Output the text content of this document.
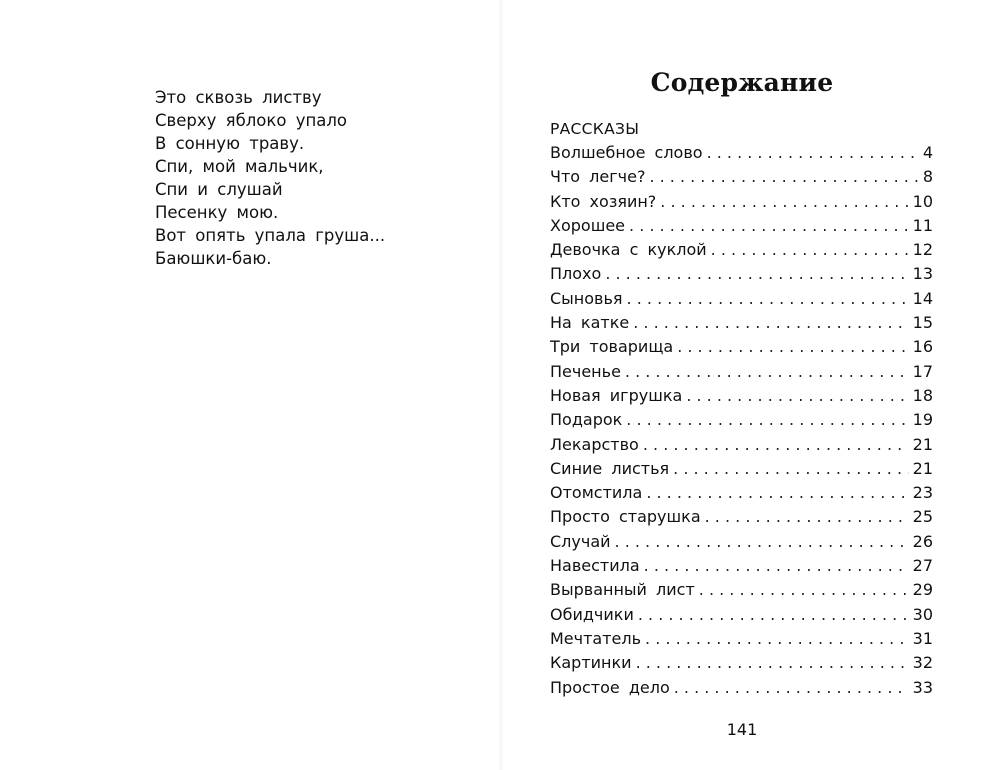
Это сквозь листву
Сверху яблоко упало
В сонную траву.
Спи, мой мальчик,
Спи и слушай
Песенку мою.
Вот опять упала груша...
Баюшки-баю.
Содержание
РАССКАЗЫ
Волшебное слово . . .	4
Что легче? . . .	8
Кто хозяин? . . .	10
Хорошее . . .	11
Девочка с куклой . . .	12
Плохо . . .	13
Сыновья . . .	14
На катке . . .	15
Три товарища . . .	16
Печенье . . .	17
Новая игрушка . . .	18
Подарок . . .	19
Лекарство . . .	21
Синие листья . . .	21
Отомстила . . .	23
Просто старушка . . .	25
Случай . . .	26
Навестила . . .	27
Вырванный лист . . .	29
Обидчики . . .	30
Мечтатель . . .	31
Картинки . . .	32
Простое дело . . .	33
141
